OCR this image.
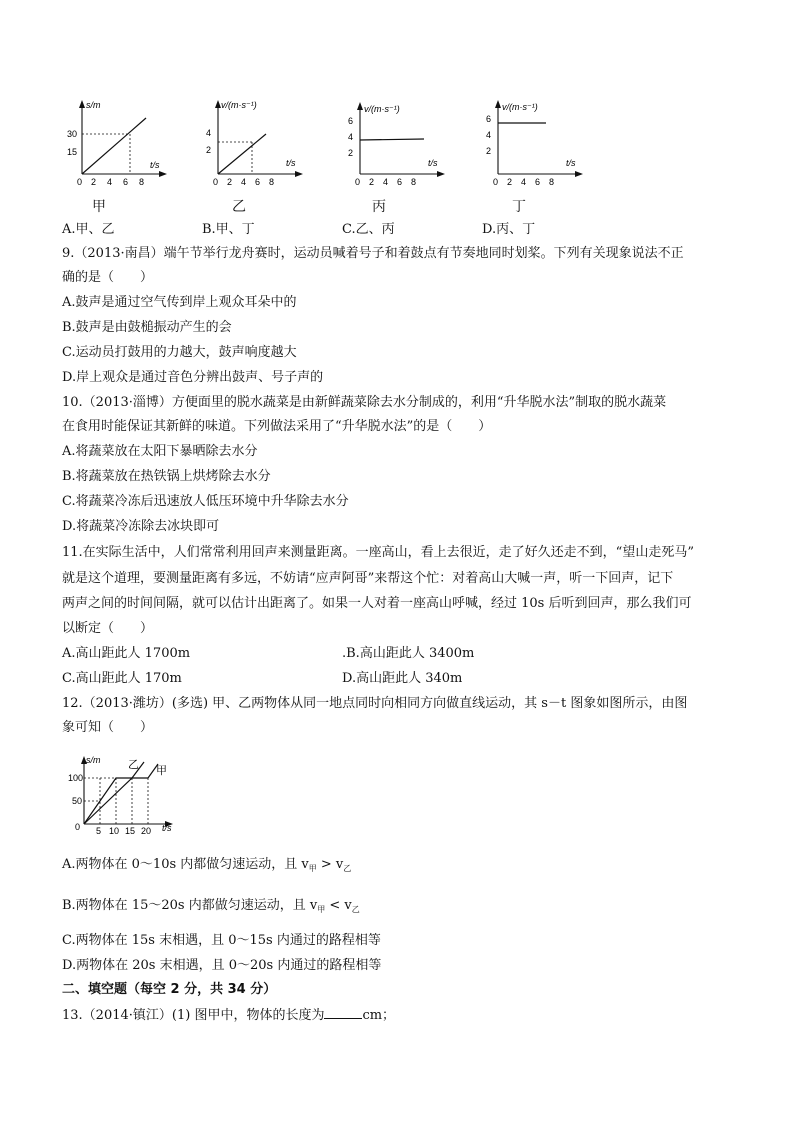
s/m
t/s
30
15
0 2 4 6 8
v/(m·s⁻¹)
t/s
4
2
0 2 4 6 8
v/(m·s⁻¹)
t/s
6
4
2
0 2 4 6 8
v/(m·s⁻¹)
t/s
6
4
2
0 2 4 6 8
甲	乙	丙	丁
A.甲、乙	B.甲、丁	C.乙、丙	D.丙、丁
9.（2013·南昌）端午节举行龙舟赛时，运动员喊着号子和着鼓点有节奏地同时划桨。下列有关现象说法不正
确的是（　　）
A.鼓声是通过空气传到岸上观众耳朵中的
B.鼓声是由鼓槌振动产生的会
C.运动员打鼓用的力越大，鼓声响度越大
D.岸上观众是通过音色分辨出鼓声、号子声的
10.（2013·淄博）方便面里的脱水蔬菜是由新鲜蔬菜除去水分制成的，利用“升华脱水法”制取的脱水蔬菜
在食用时能保证其新鲜的味道。下列做法采用了“升华脱水法”的是（　　）
A.将蔬菜放在太阳下暴晒除去水分
B.将蔬菜放在热铁锅上烘烤除去水分
C.将蔬菜冷冻后迅速放人低压环境中升华除去水分
D.将蔬菜冷冻除去冰块即可
11.在实际生活中，人们常常利用回声来测量距离。一座高山，看上去很近，走了好久还走不到，“望山走死马”
就是这个道理，要测量距离有多远，不妨请“应声阿哥”来帮这个忙：对着高山大喊一声，听一下回声，记下
两声之间的时间间隔，就可以估计出距离了。如果一人对着一座高山呼喊，经过 10s 后听到回声，那么我们可
以断定（　　）
A.高山距此人 1700m	.B.高山距此人 3400m
C.高山距此人 170m	D.高山距此人 340m
12.（2013·潍坊）(多选) 甲、乙两物体从同一地点同时向相同方向做直线运动，其 s－t 图象如图所示，由图
象可知（　　）
s/m
t/s
乙 甲
100
50
0 5 10 15 20
A.两物体在 0～10s 内都做匀速运动，且 $v_甲 > v_乙$
B.两物体在 15～20s 内都做匀速运动，且 $v_甲 < v_乙$
C.两物体在 15s 末相遇，且 0～15s 内通过的路程相等
D.两物体在 20s 末相遇，且 0～20s 内通过的路程相等
二、填空题（每空 2 分，共 34 分）
13.（2014·镇江）(1) 图甲中，物体的长度为	cm；
